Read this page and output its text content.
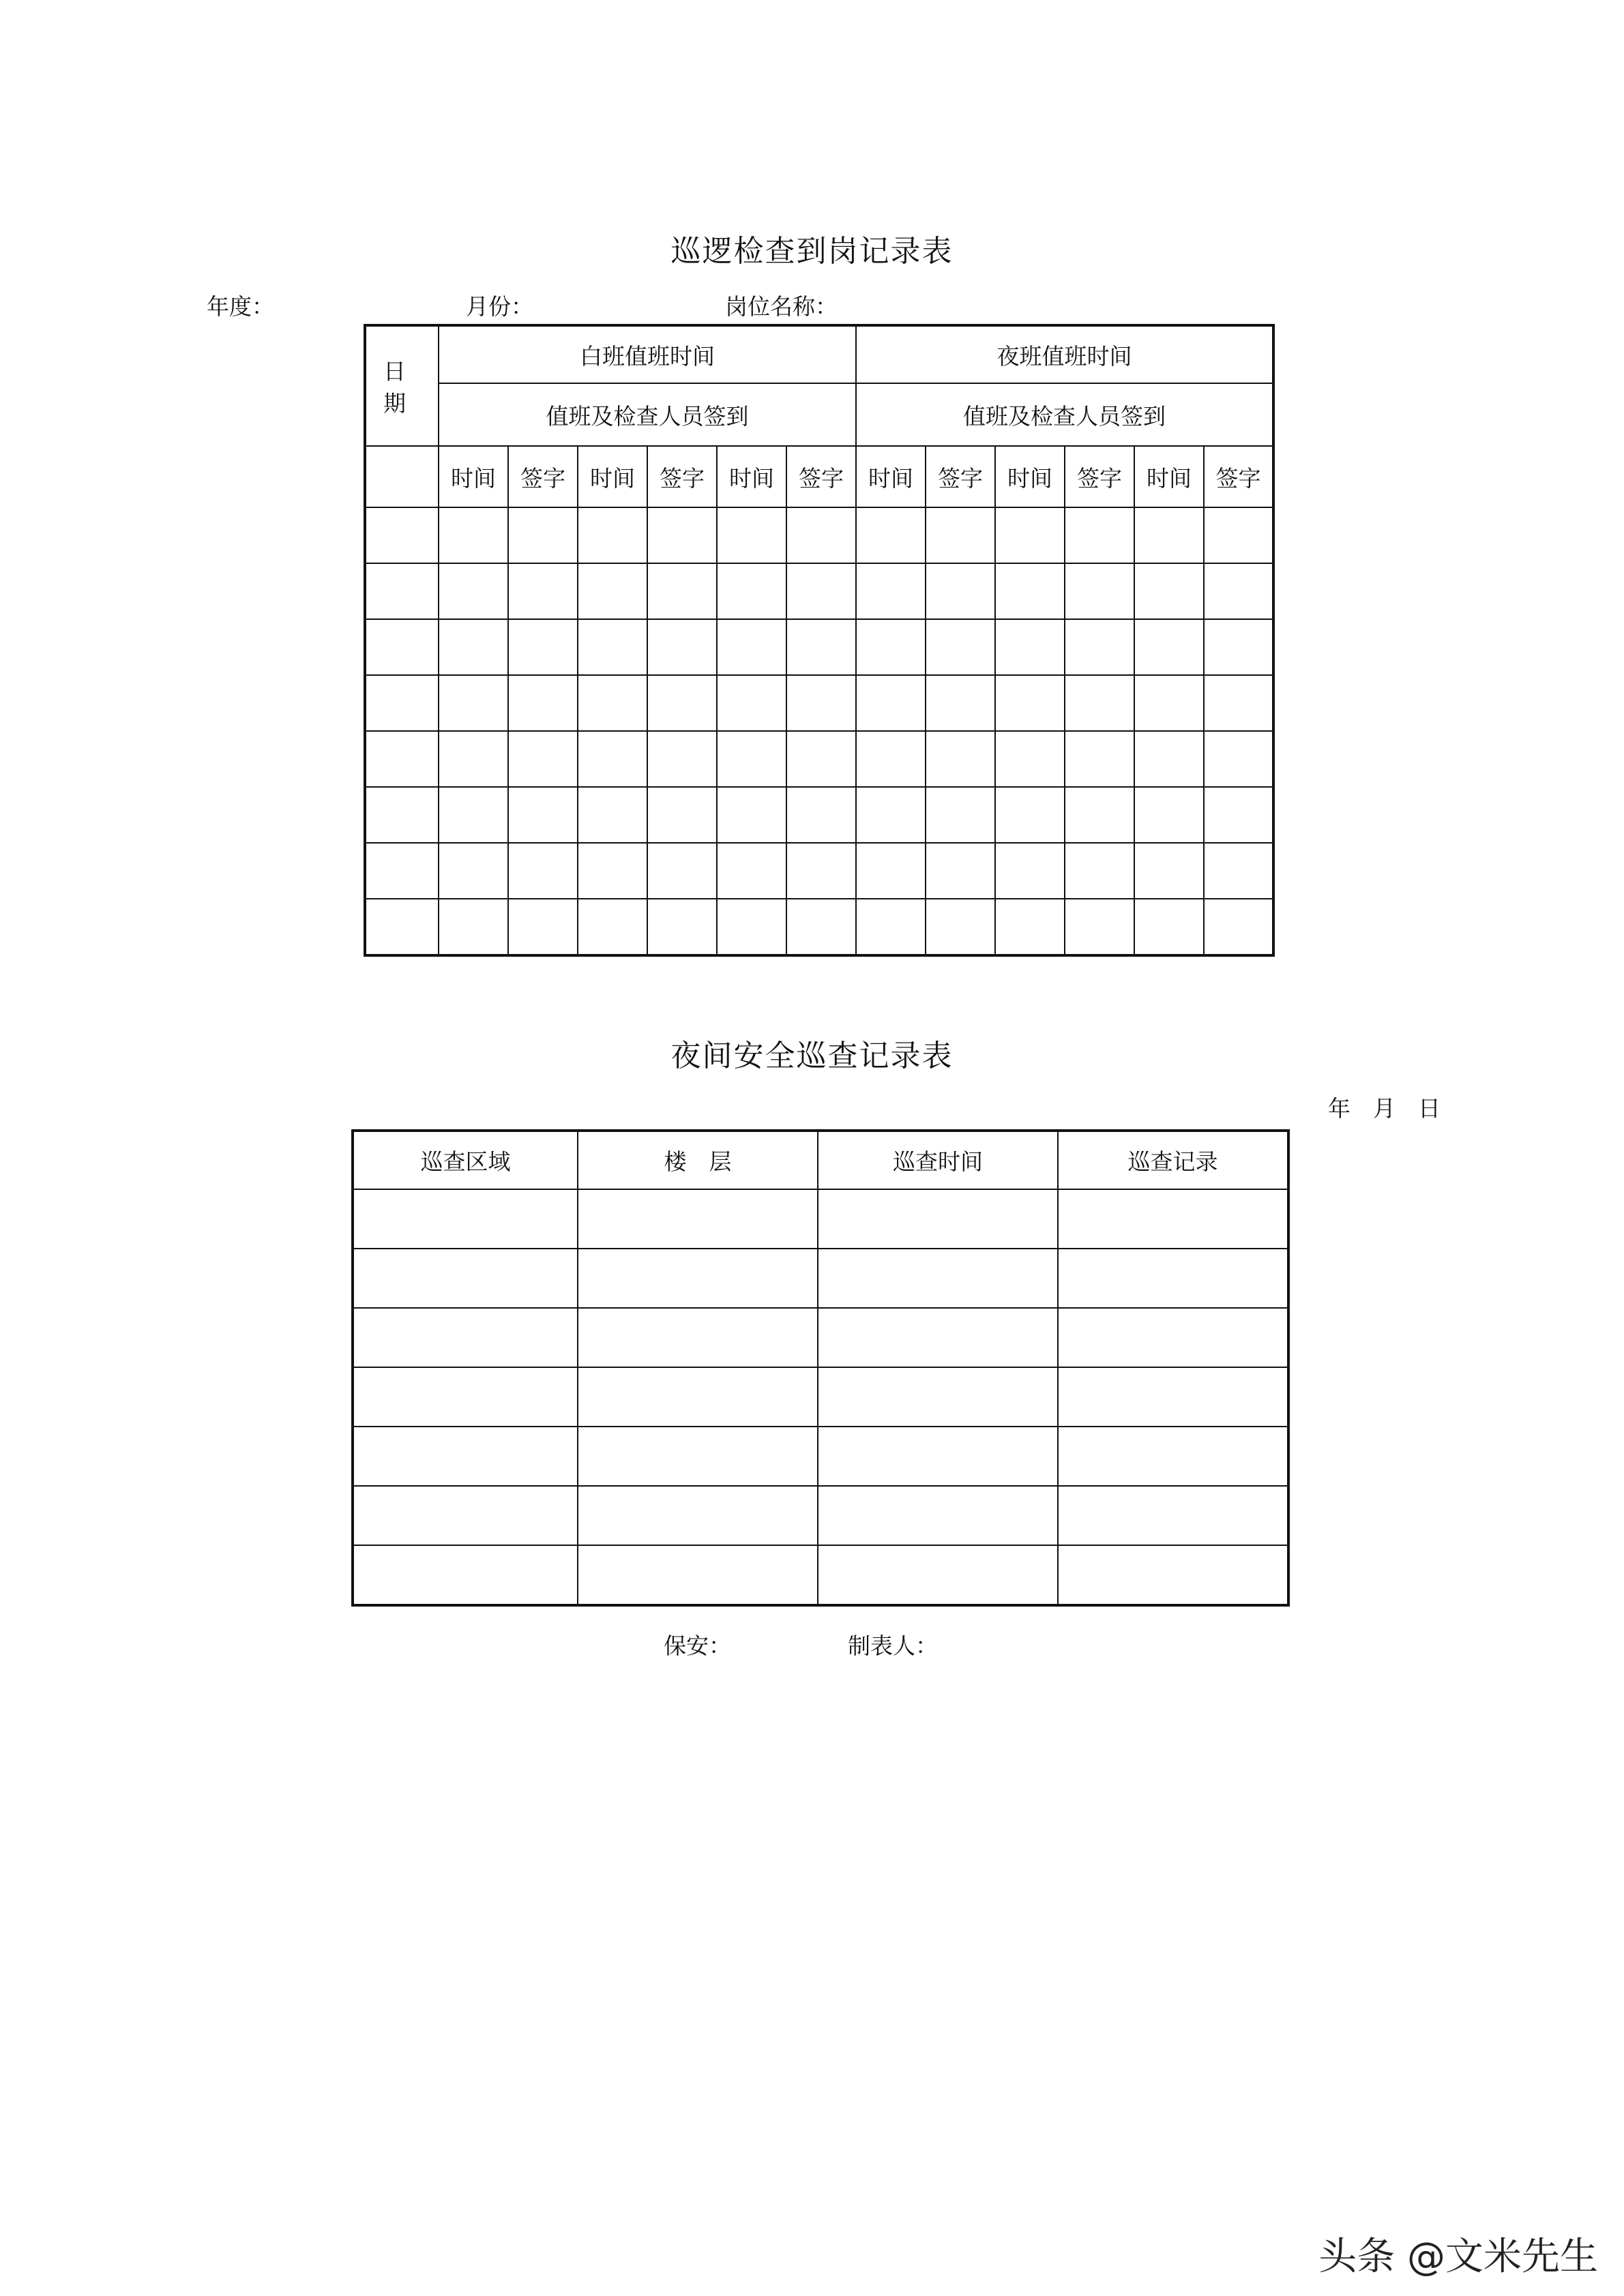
巡逻检查到岗记录表
年度：	月份：	岗位名称：
日 期	白班值班时间						夜班值班时间					
	值班及检查人员签到						值班及检查人员签到					
	时间	签字	时间	签字	时间	签字	时间	签字	时间	签字	时间	签字

夜间安全巡查记录表
年　月　日
巡查区域	楼　层	巡查时间	巡查记录

保安：	制表人：
头条 @文米先生
